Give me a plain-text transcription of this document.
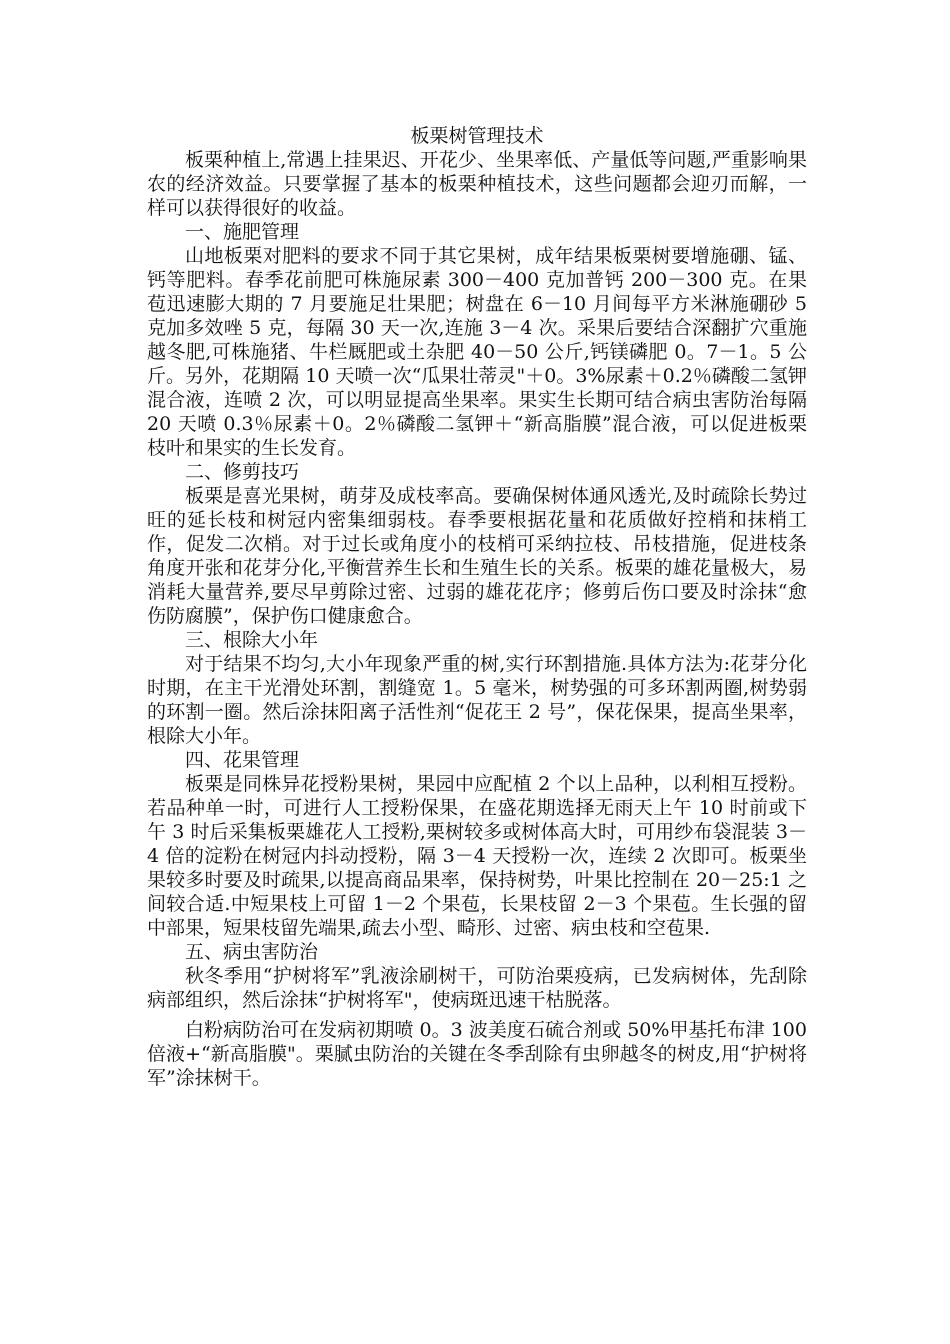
板栗树管理技术

板栗种植上,常遇上挂果迟、开花少、坐果率低、产量低等问题,严重影响果农的经济效益。只要掌握了基本的板栗种植技术，这些问题都会迎刃而解，一样可以获得很好的收益。

一、施肥管理

山地板栗对肥料的要求不同于其它果树，成年结果板栗树要增施硼、锰、钙等肥料。春季花前肥可株施尿素 300－400 克加普钙 200－300 克。在果苞迅速膨大期的 7 月要施足壮果肥；树盘在 6－10 月间每平方米淋施硼砂 5 克加多效唑 5 克，每隔 30 天一次,连施 3－4 次。采果后要结合深翻扩穴重施越冬肥,可株施猪、牛栏厩肥或土杂肥 40－50 公斤,钙镁磷肥 0。7－1。5 公斤。另外，花期隔 10 天喷一次“瓜果壮蒂灵"＋0。3%尿素＋0.2％磷酸二氢钾混合液，连喷 2 次，可以明显提高坐果率。果实生长期可结合病虫害防治每隔 20 天喷 0.3％尿素＋0。2％磷酸二氢钾＋“新高脂膜”混合液，可以促进板栗枝叶和果实的生长发育。

二、修剪技巧

板栗是喜光果树，萌芽及成枝率高。要确保树体通风透光,及时疏除长势过旺的延长枝和树冠内密集细弱枝。春季要根据花量和花质做好控梢和抹梢工作，促发二次梢。对于过长或角度小的枝梢可采纳拉枝、吊枝措施，促进枝条角度开张和花芽分化,平衡营养生长和生殖生长的关系。板栗的雄花量极大，易消耗大量营养,要尽早剪除过密、过弱的雄花花序；修剪后伤口要及时涂抹“愈伤防腐膜”，保护伤口健康愈合。

三、根除大小年

对于结果不均匀,大小年现象严重的树,实行环割措施.具体方法为:花芽分化时期，在主干光滑处环割，割缝宽 1。5 毫米，树势强的可多环割两圈,树势弱的环割一圈。然后涂抹阳离子活性剂“促花王 2 号”，保花保果，提高坐果率，根除大小年。

四、花果管理

板栗是同株异花授粉果树，果园中应配植 2 个以上品种，以利相互授粉。若品种单一时，可进行人工授粉保果，在盛花期选择无雨天上午 10 时前或下午 3 时后采集板栗雄花人工授粉,栗树较多或树体高大时，可用纱布袋混装 3－4 倍的淀粉在树冠内抖动授粉，隔 3－4 天授粉一次，连续 2 次即可。板栗坐果较多时要及时疏果,以提高商品果率，保持树势，叶果比控制在 20－25:1 之间较合适.中短果枝上可留 1－2 个果苞，长果枝留 2－3 个果苞。生长强的留中部果，短果枝留先端果,疏去小型、畸形、过密、病虫枝和空苞果.

五、病虫害防治

秋冬季用“护树将军”乳液涂刷树干，可防治栗疫病，已发病树体，先刮除病部组织，然后涂抹“护树将军"，使病斑迅速干枯脱落。

白粉病防治可在发病初期喷 0。3 波美度石硫合剂或 50%甲基托布津 100 倍液+“新高脂膜"。栗腻虫防治的关键在冬季刮除有虫卵越冬的树皮,用“护树将军”涂抹树干。
